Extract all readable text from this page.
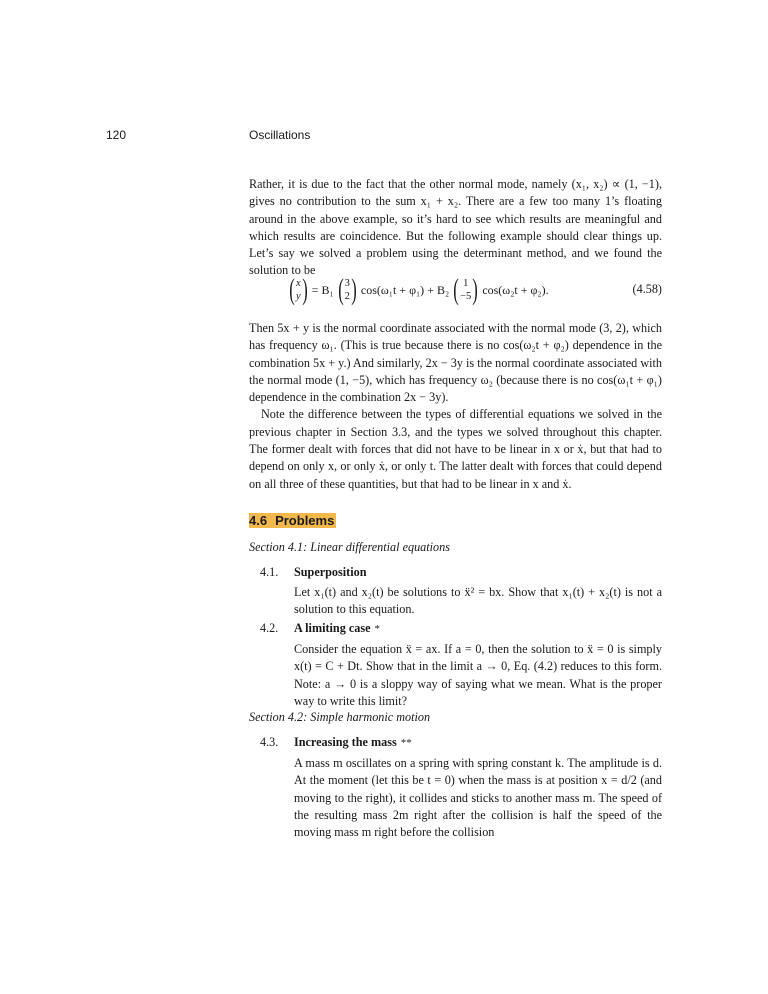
120	Oscillations

Rather, it is due to the fact that the other normal mode, namely (x₁, x₂) ∝ (1, −1), gives no contribution to the sum x₁ + x₂. There are a few too many 1’s floating around in the above example, so it’s hard to see which results are meaningful and which results are coincidence. But the following example should clear things up. Let’s say we solved a problem using the determinant method, and we found the solution to be

( x
y ) = B₁ ( 3
2 ) cos(ω₁t + φ₁) + B₂ ( 1
−5 ) cos(ω₂t + φ₂).	(4.58)

Then 5x + y is the normal coordinate associated with the normal mode (3, 2), which has frequency ω₁. (This is true because there is no cos(ω₂t + φ₂) dependence in the combination 5x + y.) And similarly, 2x − 3y is the normal coordinate associated with the normal mode (1, −5), which has frequency ω₂ (because there is no cos(ω₁t + φ₁) dependence in the combination 2x − 3y).

Note the difference between the types of differential equations we solved in the previous chapter in Section 3.3, and the types we solved throughout this chapter. The former dealt with forces that did not have to be linear in x or ẋ, but that had to depend on only x, or only ẋ, or only t. The latter dealt with forces that could depend on all three of these quantities, but that had to be linear in x and ẋ.

4.6 Problems
Section 4.1: Linear differential equations
4.1. Superposition
Let x₁(t) and x₂(t) be solutions to ẍ² = bx. Show that x₁(t) + x₂(t) is not a solution to this equation.
4.2. A limiting case *
Consider the equation ẍ = ax. If a = 0, then the solution to ẍ = 0 is simply x(t) = C + Dt. Show that in the limit a → 0, Eq. (4.2) reduces to this form. Note: a → 0 is a sloppy way of saying what we mean. What is the proper way to write this limit?
Section 4.2: Simple harmonic motion
4.3. Increasing the mass **
A mass m oscillates on a spring with spring constant k. The amplitude is d. At the moment (let this be t = 0) when the mass is at position x = d/2 (and moving to the right), it collides and sticks to another mass m. The speed of the resulting mass 2m right after the collision is half the speed of the moving mass m right before the collision
